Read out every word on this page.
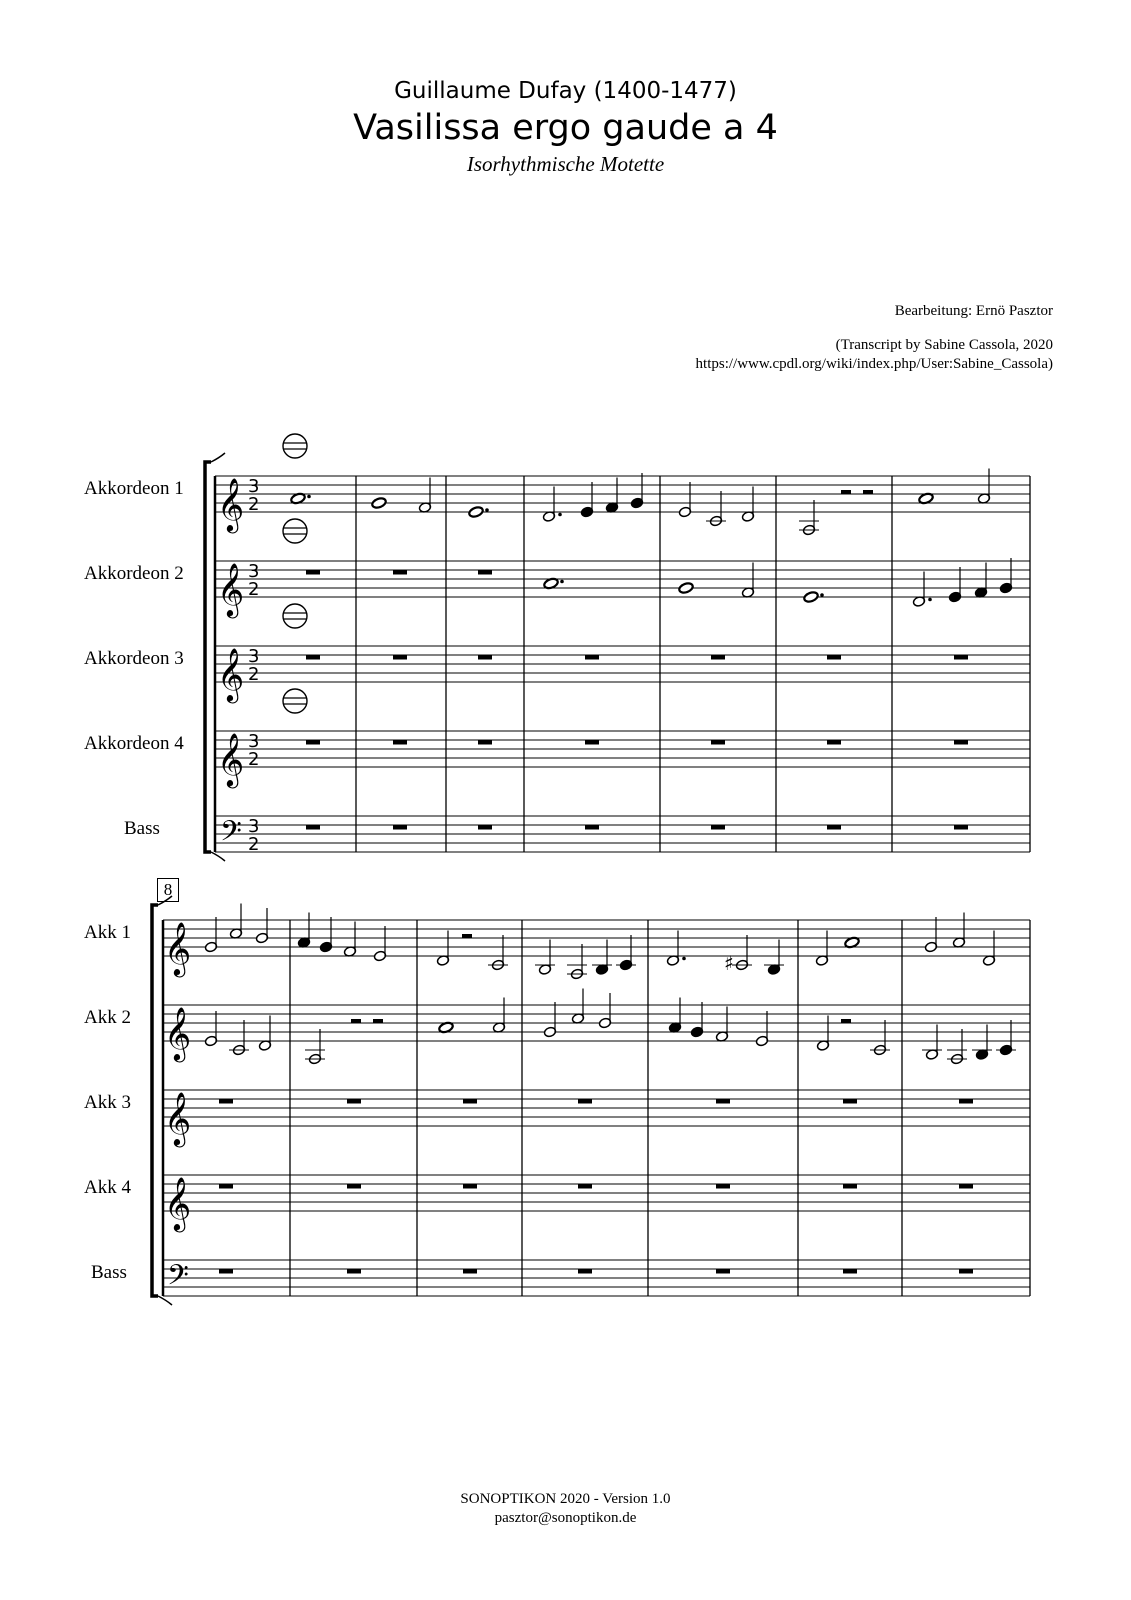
Guillaume Dufay (1400-1477)
Vasilissa ergo gaude a 4
Isorhythmische Motette
Bearbeitung: Ernö Pasztor
(Transcript by Sabine Cassola, 2020
https://www.cpdl.org/wiki/index.php/User:Sabine_Cassola)
Akkordeon 1
Akkordeon 2
Akkordeon 3
Akkordeon 4
Bass
8
Akk 1
Akk 2
Akk 3
Akk 4
Bass
𝄞 3
2
𝄞 3
2
𝄞 3
2
𝄞 3
2
𝄢 3
2
𝄞
𝄞
𝄞
𝄞
𝄢
♯
SONOPTIKON 2020 - Version 1.0
pasztor@sonoptikon.de
